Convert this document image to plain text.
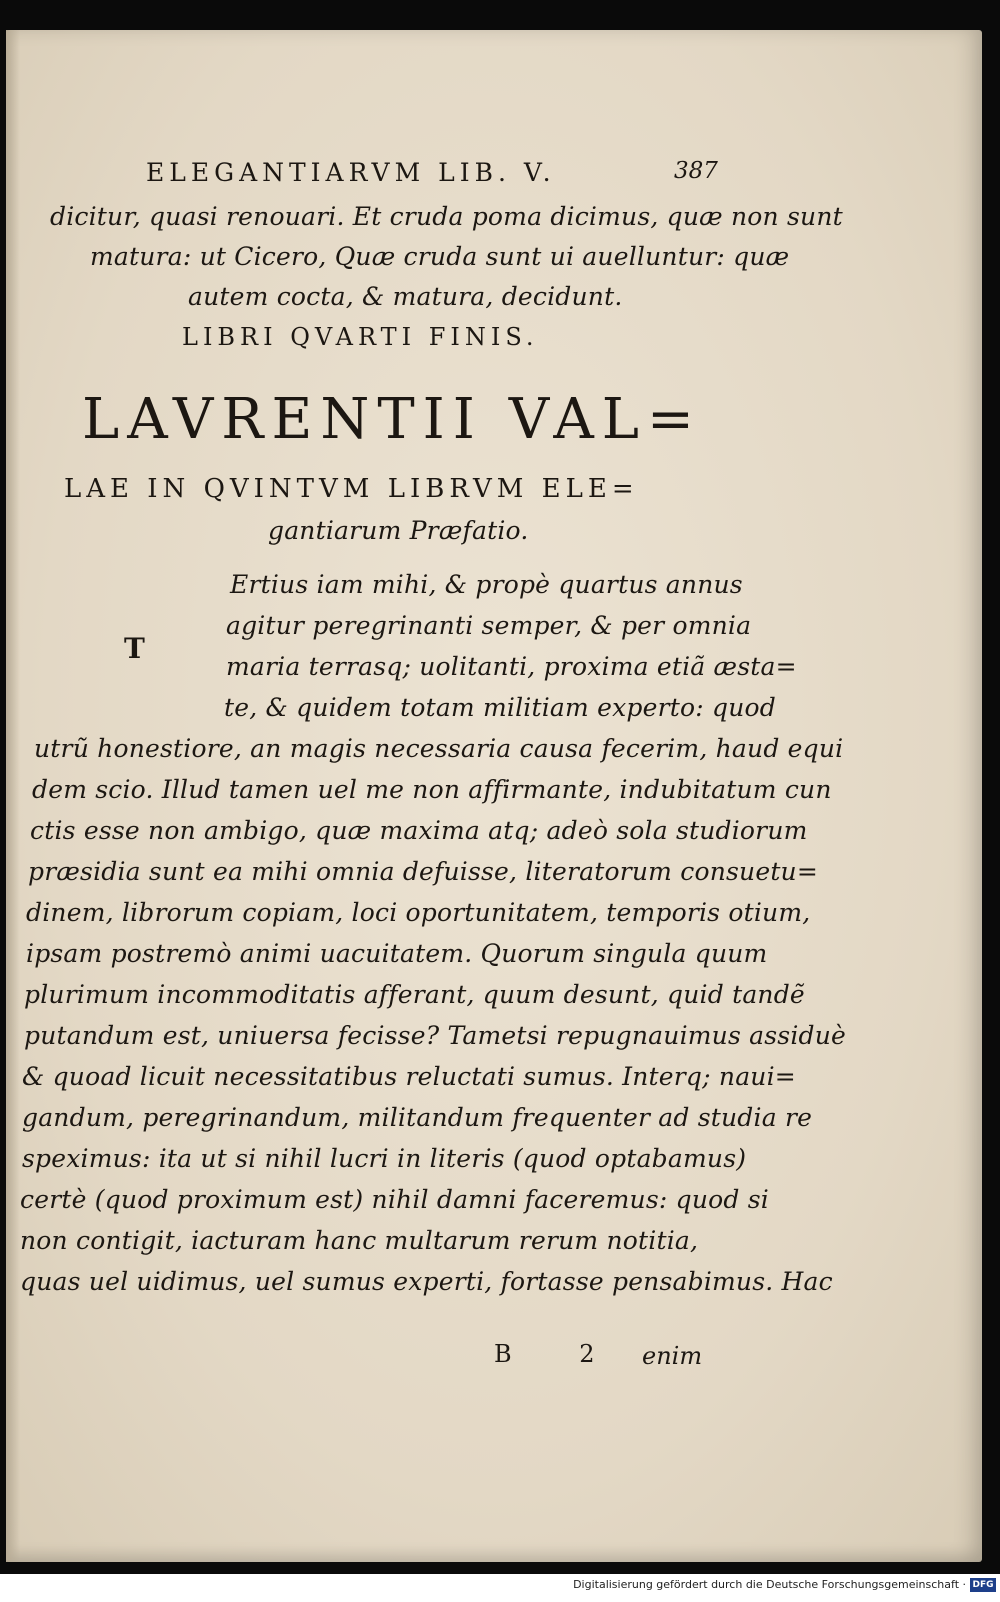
ELEGANTIARVM LIB. V.	387
dicitur, quasi renouari. Et cruda poma dicimus, quæ non sunt
matura: ut Cicero, Quæ cruda sunt ui auelluntur: quæ
autem cocta, & matura, decidunt.
LIBRI QVARTI FINIS.
LAVRENTII VAL=
LAE IN QVINTVM LIBRVM ELE=
gantiarum Præfatio.
T
Ertius iam mihi, & propè quartus annus
agitur peregrinanti semper, & per omnia
maria terrasq; uolitanti, proxima etiã æsta=
te, & quidem totam militiam experto: quod
utrũ honestiore, an magis necessaria causa fecerim, haud equi
dem scio. Illud tamen uel me non affirmante, indubitatum cun
ctis esse non ambigo, quæ maxima atq; adeò sola studiorum
præsidia sunt ea mihi omnia defuisse, literatorum consuetu=
dinem, librorum copiam, loci oportunitatem, temporis otium,
ipsam postremò animi uacuitatem. Quorum singula quum
plurimum incommoditatis afferant, quum desunt, quid tandẽ
putandum est, uniuersa fecisse? Tametsi repugnauimus assiduè
& quoad licuit necessitatibus reluctati sumus. Interq; naui=
gandum, peregrinandum, militandum frequenter ad studia re
speximus: ita ut si nihil lucri in literis (quod optabamus)
certè (quod proximum est) nihil damni faceremus: quod si
non contigit, iacturam hanc multarum rerum notitia,
quas uel uidimus, uel sumus experti, fortasse pensabimus. Hac
B 2 enim
Digitalisierung gefördert durch die Deutsche Forschungsgemeinschaft · DFG
